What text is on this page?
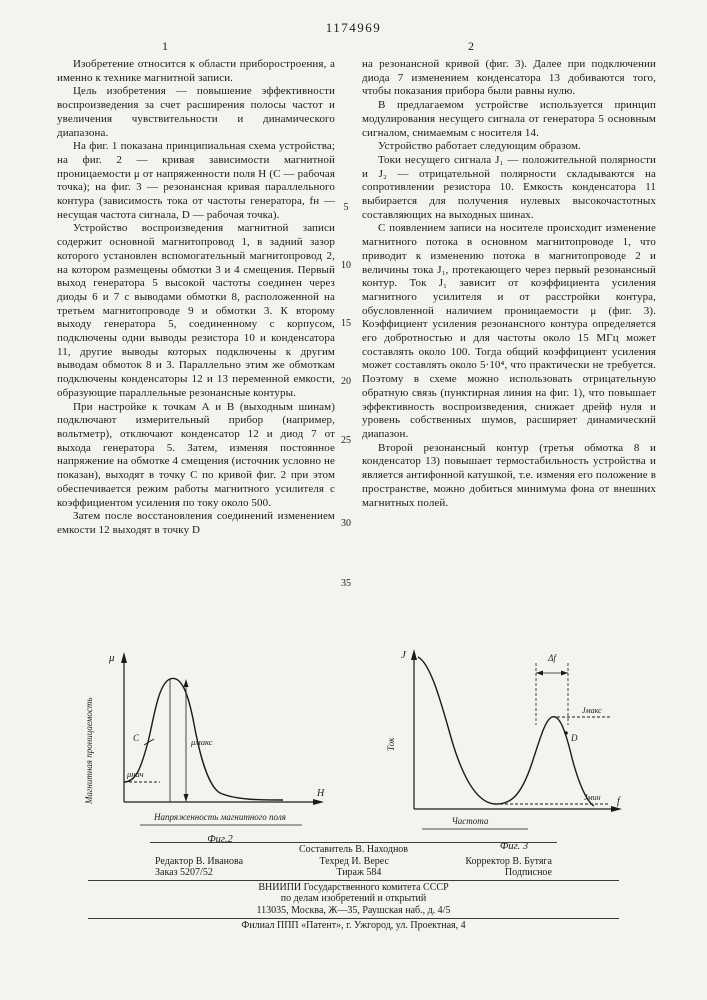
1174969
1	2
5
10
15
20
25
30
35

Изобретение относится к области приборостроения, а именно к технике магнитной записи.

Цель изобретения — повышение эффективности воспроизведения за счет расширения полосы частот и увеличения чувствительности и динамического диапазона.

На фиг. 1 показана принципиальная схема устройства; на фиг. 2 — кривая зависимости магнитной проницаемости μ от напряженности поля Н (С — рабочая точка); на фиг. 3 — резонансная кривая параллельного контура (зависимость тока от частоты генератора, fн — несущая частота сигнала, D — рабочая точка).

Устройство воспроизведения магнитной записи содержит основной магнитопровод 1, в задний зазор которого установлен вспомогательный магнитопровод 2, на котором размещены обмотки 3 и 4 смещения. Первый выход генератора 5 высокой частоты соединен через диоды 6 и 7 с выводами обмотки 8, расположенной на третьем магнитопроводе 9 и обмотки 3. К второму выходу генератора 5, соединенному с корпусом, подключены одни выводы резистора 10 и конденсатора 11, другие выводы которых подключены к другим выводам обмоток 8 и 3. Параллельно этим же обмоткам подключены конденсаторы 12 и 13 переменной емкости, образующие параллельные резонансные контуры.

При настройке к точкам А и В (выходным шинам) подключают измерительный прибор (например, вольтметр), отключают конденсатор 12 и диод 7 от выхода генератора 5. Затем, изменяя постоянное напряжение на обмотке 4 смещения (источник условно не показан), выходят в точку С по кривой фиг. 2 при этом обеспечивается режим работы магнитного усилителя с коэффициентом усиления по току около 500.

Затем после восстановления соединений изменением емкости 12 выходят в точку D

на резонансной кривой (фиг. 3). Далее при подключении диода 7 изменением конденсатора 13 добиваются того, чтобы показания прибора были равны нулю.

В предлагаемом устройстве используется принцип модулирования несущего сигнала от генератора 5 основным сигналом, снимаемым с носителя 14.

Устройство работает следующим образом.

Токи несущего сигнала J₁ — положительной полярности и J₂ — отрицательной полярности складываются на сопротивлении резистора 10. Емкость конденсатора 11 выбирается для получения нулевых высокочастотных составляющих на выходных шинах.

С появлением записи на носителе происходит изменение магнитного потока в основном магнитопроводе 1, что приводит к изменению потока в магнитопроводе 2 и величины тока J₁, протекающего через первый резонансный контур. Ток J₁ зависит от коэффициента усиления магнитного усилителя и от расстройки контура, обусловленной наличием проницаемости μ (фиг. 3). Коэффициент усиления резонансного контура определяется его добротностью и для частоты около 15 МГц может составлять около 100. Тогда общий коэффициент усиления может составлять около 5·10⁴, что практически не требуется. Поэтому в схеме можно использовать отрицательную обратную связь (пунктирная линия на фиг. 1), что повышает эффективность воспроизведения, снижает дрейф нуля и уровень собственных шумов, расширяет динамический диапазон.

Второй резонансный контур (третья обмотка 8 и конденсатор 13) повышает термостабильность устройства и является антифонной катушкой, т.е. изменяя его положение в пространстве, можно добиться минимума фона от внешних магнитных полей.

μ
Н
Магнитная проницаемость	μнач
μмакс
C
Напряженность магнитного поля
Фиг.2
J
f
Ток
Δf
D
Jмакс
Jмин
Частота
Фиг. 3
Составитель В. Находнов
Редактор В. Иванова	Техред И. Верес	Корректор В. Бутяга
Заказ 5207/52	Тираж 584	Подписное
ВНИИПИ Государственного комитета СССР
по делам изобретений и открытий
113035, Москва, Ж—35, Раушская наб., д. 4/5
Филиал ППП «Патент», г. Ужгород, ул. Проектная, 4
